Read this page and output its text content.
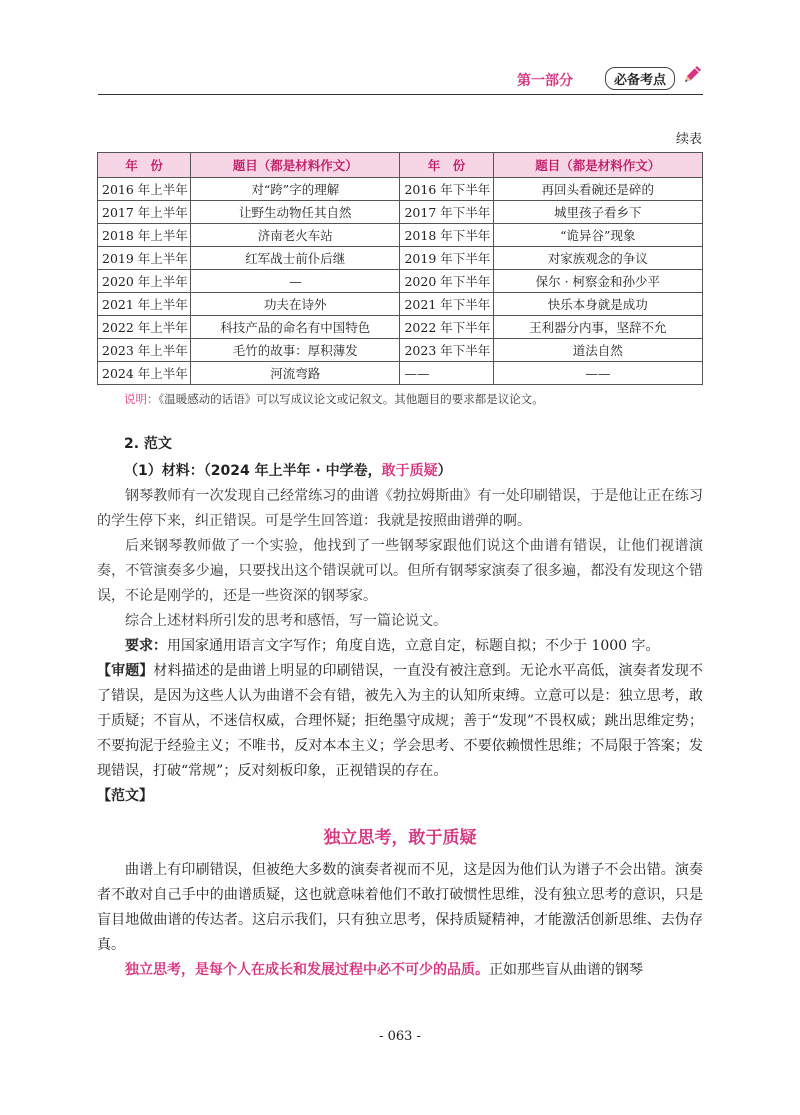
第一部分	必备考点
续表
年　份	题目（都是材料作文）	年　份	题目（都是材料作文）
2016 年上半年	对“跨”字的理解	2016 年下半年	再回头看碗还是碎的
2017 年上半年	让野生动物任其自然	2017 年下半年	城里孩子看乡下
2018 年上半年	济南老火车站	2018 年下半年	“诡异谷”现象
2019 年上半年	红军战士前仆后继	2019 年下半年	对家族观念的争议
2020 年上半年	—	2020 年下半年	保尔 · 柯察金和孙少平
2021 年上半年	功夫在诗外	2021 年下半年	快乐本身就是成功
2022 年上半年	科技产品的命名有中国特色	2022 年下半年	王利器分内事，坚辞不允
2023 年上半年	毛竹的故事：厚积薄发	2023 年下半年	道法自然
2024 年上半年	河流弯路	——	——
说明：《温暖感动的话语》可以写成议论文或记叙文。其他题目的要求都是议论文。
2. 范文
（1）材料：（2024 年上半年 · 中学卷，敢于质疑）
钢琴教师有一次发现自己经常练习的曲谱《勃拉姆斯曲》有一处印刷错误，于是他让正在练习的学生停下来，纠正错误。可是学生回答道：我就是按照曲谱弹的啊。
后来钢琴教师做了一个实验，他找到了一些钢琴家跟他们说这个曲谱有错误，让他们视谱演奏，不管演奏多少遍，只要找出这个错误就可以。但所有钢琴家演奏了很多遍，都没有发现这个错误，不论是刚学的，还是一些资深的钢琴家。
综合上述材料所引发的思考和感悟，写一篇论说文。
要求：用国家通用语言文字写作；角度自选，立意自定，标题自拟；不少于 1000 字。
【审题】材料描述的是曲谱上明显的印刷错误，一直没有被注意到。无论水平高低，演奏者发现不了错误，是因为这些人认为曲谱不会有错，被先入为主的认知所束缚。立意可以是：独立思考，敢于质疑；不盲从，不迷信权威，合理怀疑；拒绝墨守成规；善于“发现”不畏权威；跳出思维定势；不要拘泥于经验主义；不唯书，反对本本主义；学会思考、不要依赖惯性思维；不局限于答案；发现错误，打破“常规”；反对刻板印象，正视错误的存在。
【范文】
独立思考，敢于质疑
曲谱上有印刷错误，但被绝大多数的演奏者视而不见，这是因为他们认为谱子不会出错。演奏者不敢对自己手中的曲谱质疑，这也就意味着他们不敢打破惯性思维，没有独立思考的意识，只是盲目地做曲谱的传达者。这启示我们，只有独立思考，保持质疑精神，才能激活创新思维、去伪存真。
独立思考，是每个人在成长和发展过程中必不可少的品质。正如那些盲从曲谱的钢琴
- 063 -
